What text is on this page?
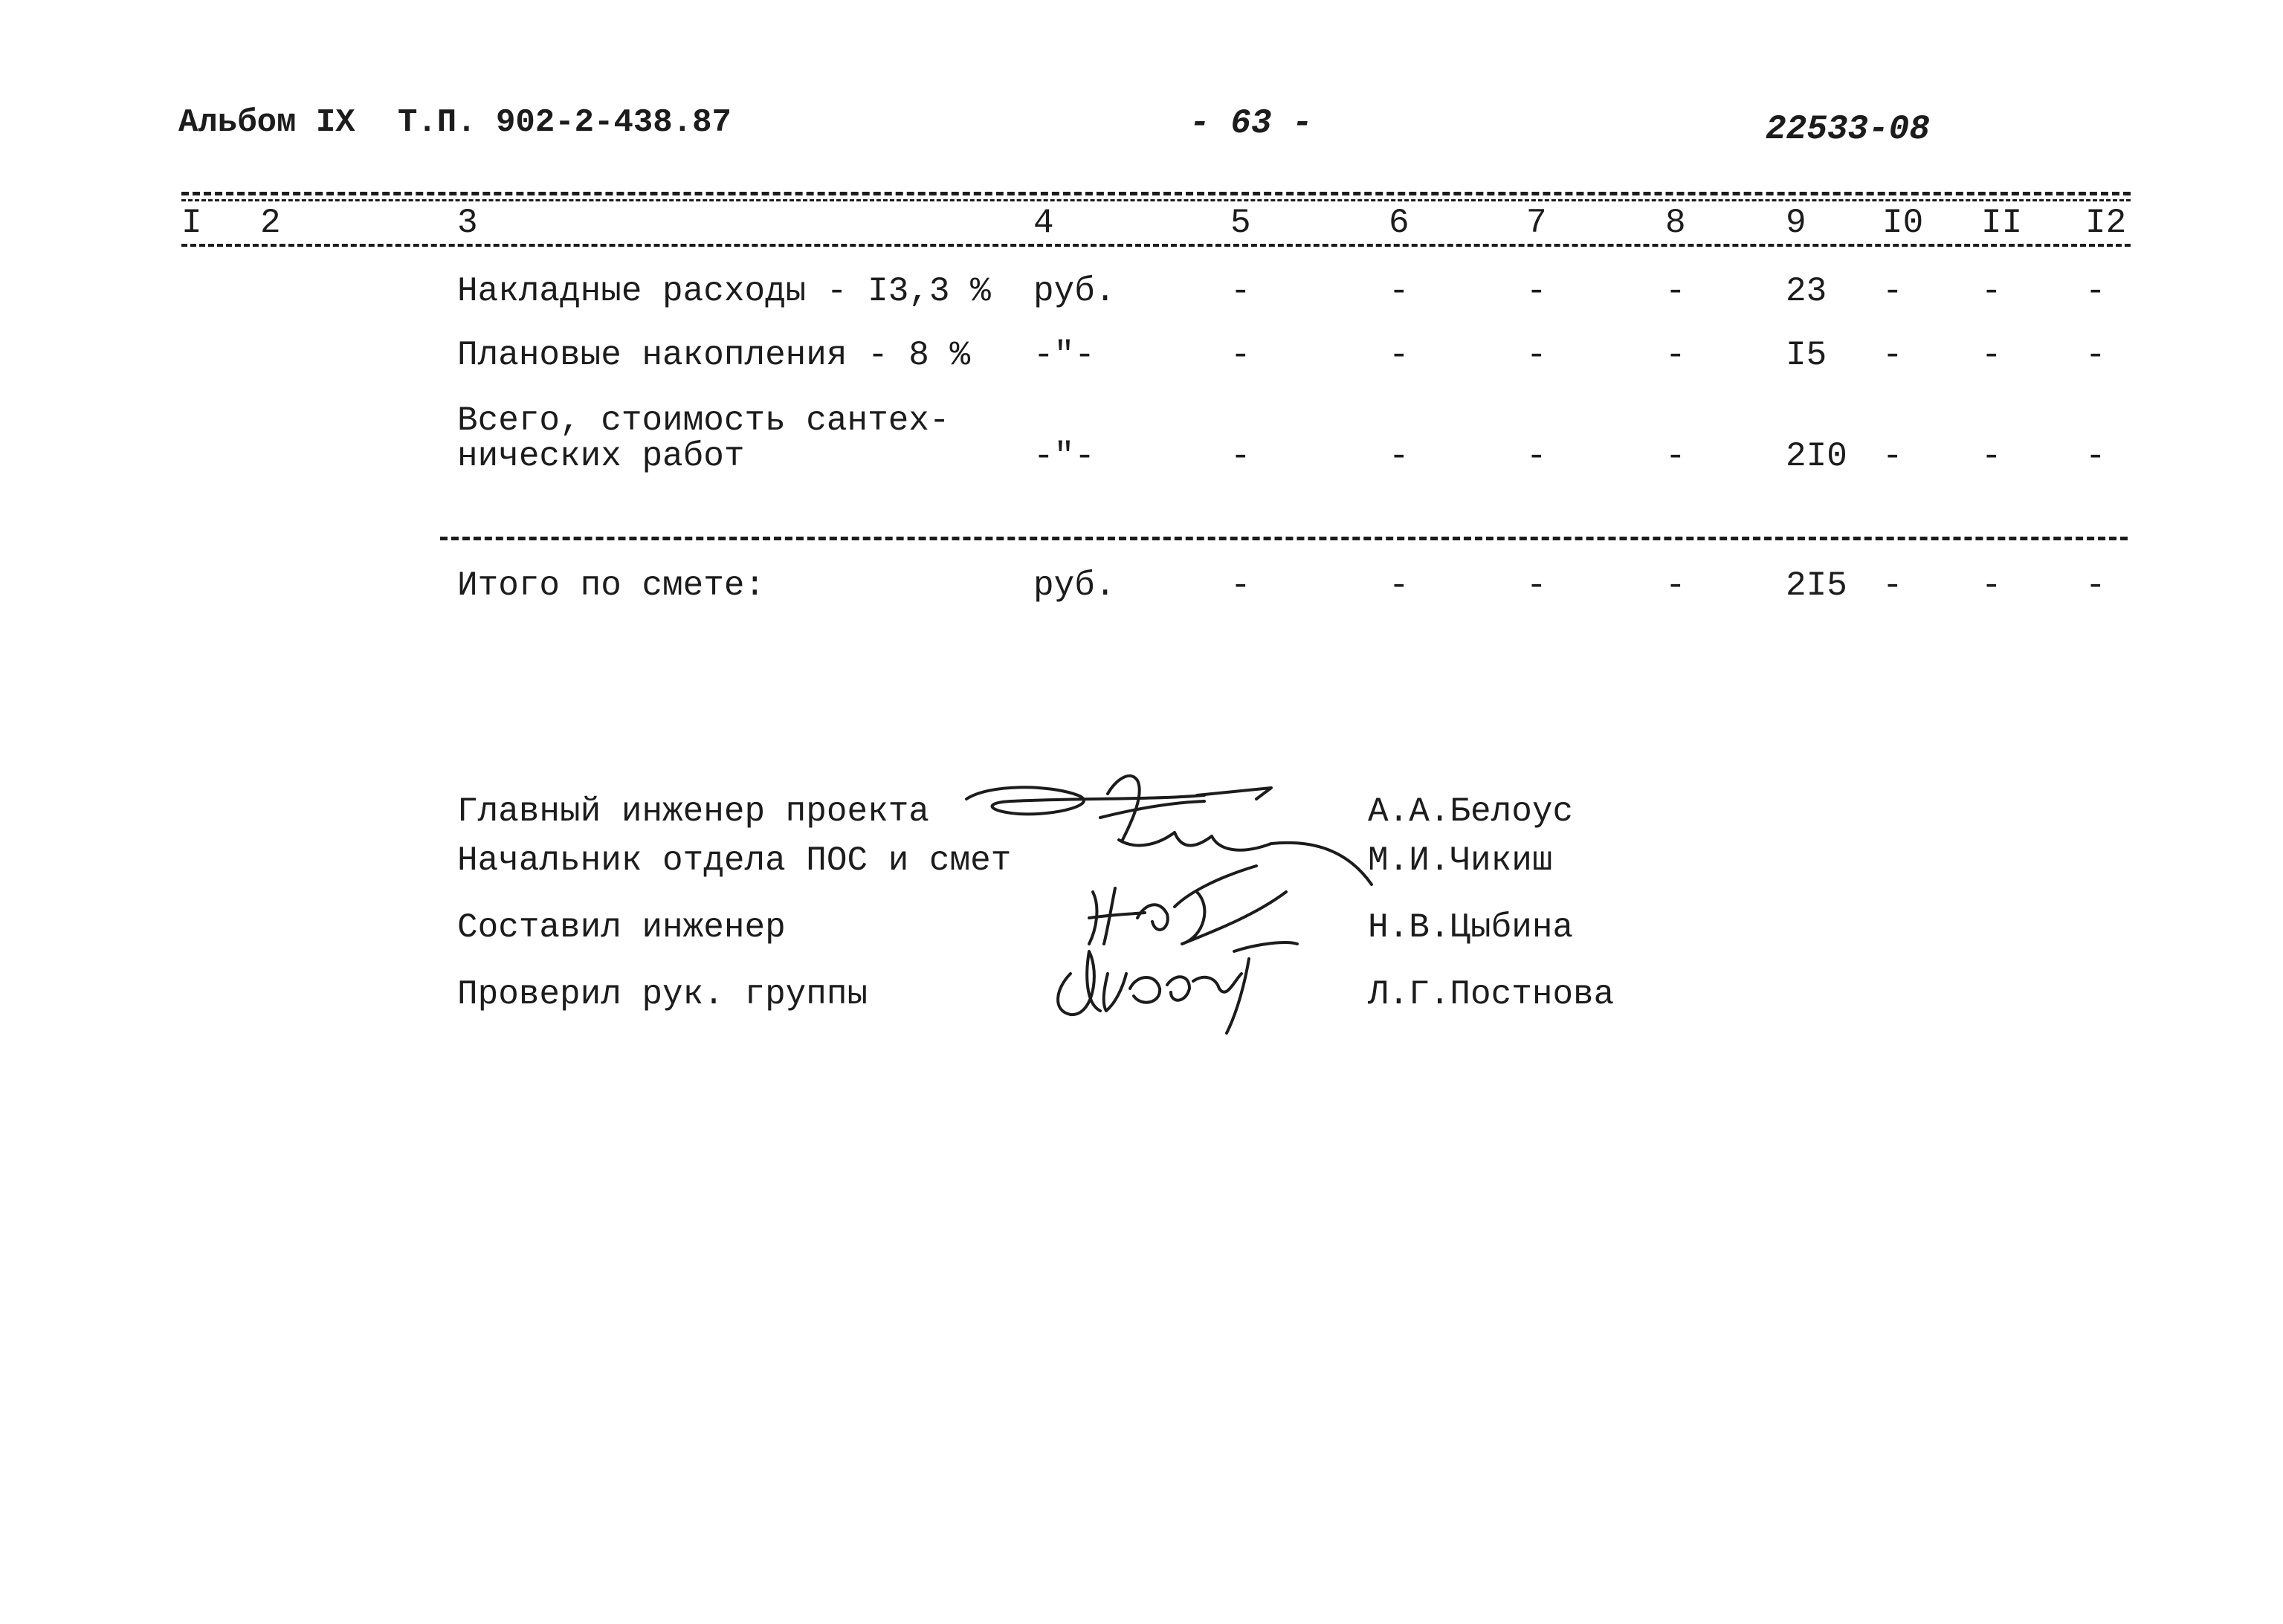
Альбом IX Т.П. 902-2-438.87	- 63 -	22533-08
I 2	3	4	5	6	7	8	9 I0 II I2
Накладные расходы - I3,3 % руб.	-	-	-	-	23 - - -
Плановые накопления - 8 % -"-	-	-	-	-	I5 - - -
Всего, стоимость сантех-
нических работ	-"-	-	-	-	-	2I0 - - -
Итого по смете:	руб.	-	-	-	-	2I5 - - -
Главный инженер проекта	А.А.Белоус
Начальник отдела ПОС и смет	М.И.Чикиш
Составил инженер	Н.В.Цыбина
Проверил рук. группы	Л.Г.Постнова
